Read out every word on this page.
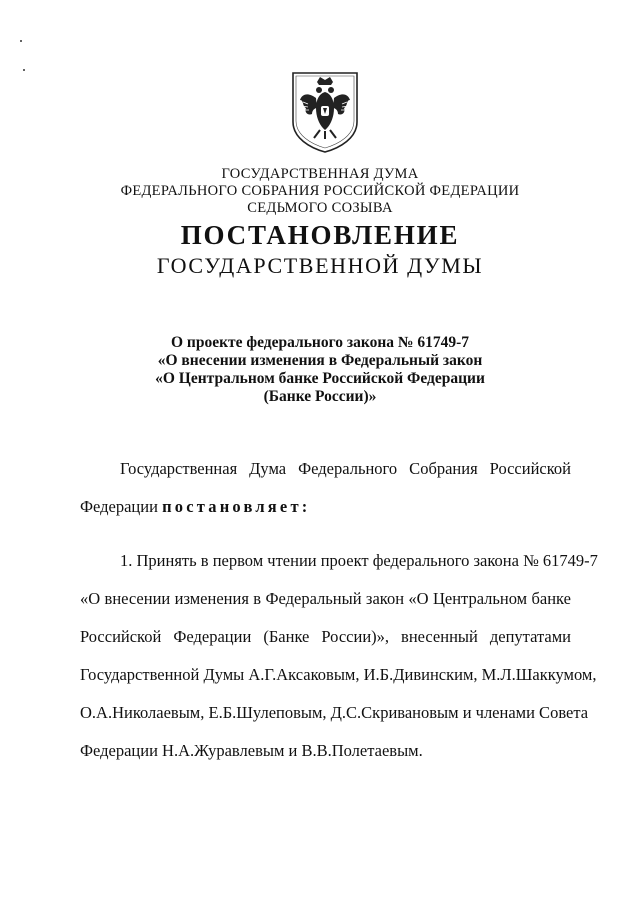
ГОСУДАРСТВЕННАЯ ДУМА
ФЕДЕРАЛЬНОГО СОБРАНИЯ РОССИЙСКОЙ ФЕДЕРАЦИИ
СЕДЬМОГО СОЗЫВА
ПОСТАНОВЛЕНИЕ
ГОСУДАРСТВЕННОЙ ДУМЫ
О проекте федерального закона № 61749-7
«О внесении изменения в Федеральный закон
«О Центральном банке Российской Федерации
(Банке России)»
Государственная Дума Федерального Собрания Российской
Федерации постановляет:
1. Принять в первом чтении проект федерального закона № 61749-7
«О внесении изменения в Федеральный закон «О Центральном банке
Российской Федерации (Банке России)», внесенный депутатами
Государственной Думы А.Г.Аксаковым, И.Б.Дивинским, М.Л.Шаккумом,
О.А.Николаевым, Е.Б.Шулеповым, Д.С.Скривановым и членами Совета
Федерации Н.А.Журавлевым и В.В.Полетаевым.
